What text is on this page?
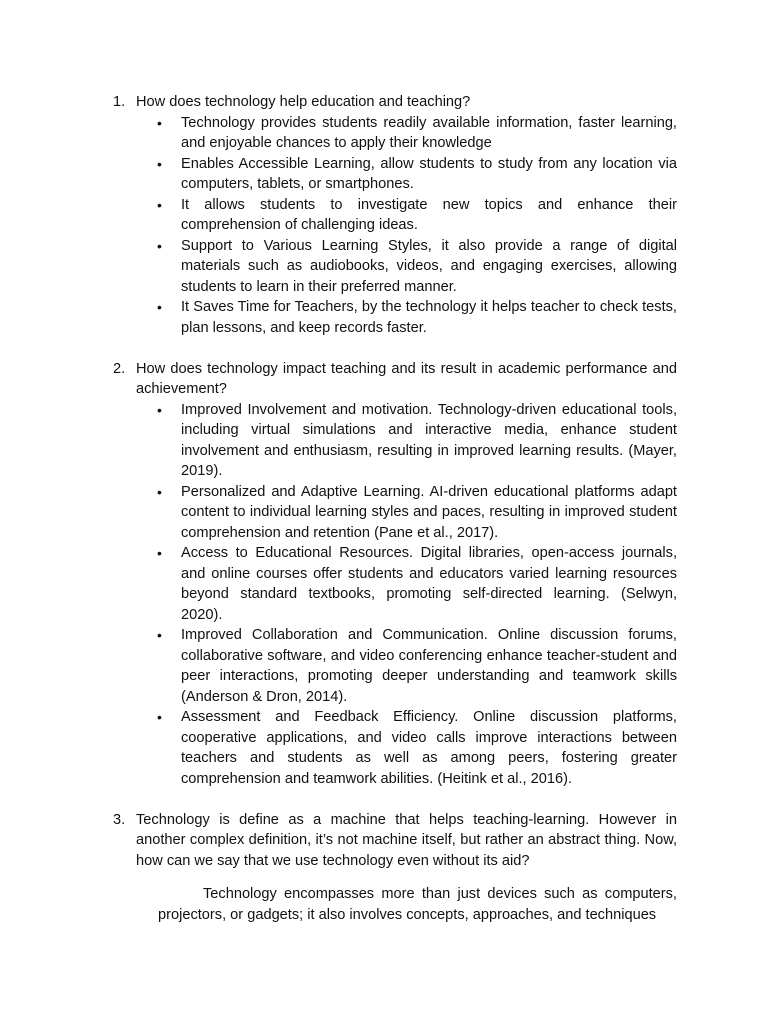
1. How does technology help education and teaching?
• Technology provides students readily available information, faster learning, and enjoyable chances to apply their knowledge
• Enables Accessible Learning, allow students to study from any location via computers, tablets, or smartphones.
• It allows students to investigate new topics and enhance their comprehension of challenging ideas.
• Support to Various Learning Styles, it also provide a range of digital materials such as audiobooks, videos, and engaging exercises, allowing students to learn in their preferred manner.
• It Saves Time for Teachers, by the technology it helps teacher to check tests, plan lessons, and keep records faster.
2. How does technology impact teaching and its result in academic performance and achievement?
• Improved Involvement and motivation. Technology-driven educational tools, including virtual simulations and interactive media, enhance student involvement and enthusiasm, resulting in improved learning results. (Mayer, 2019).
• Personalized and Adaptive Learning. AI-driven educational platforms adapt content to individual learning styles and paces, resulting in improved student comprehension and retention (Pane et al., 2017).
• Access to Educational Resources. Digital libraries, open-access journals, and online courses offer students and educators varied learning resources beyond standard textbooks, promoting self-directed learning. (Selwyn, 2020).
• Improved Collaboration and Communication. Online discussion forums, collaborative software, and video conferencing enhance teacher-student and peer interactions, promoting deeper understanding and teamwork skills (Anderson & Dron, 2014).
• Assessment and Feedback Efficiency. Online discussion platforms, cooperative applications, and video calls improve interactions between teachers and students as well as among peers, fostering greater comprehension and teamwork abilities. (Heitink et al., 2016).
3. Technology is define as a machine that helps teaching-learning. However in another complex definition, it’s not machine itself, but rather an abstract thing. Now, how can we say that we use technology even without its aid?

Technology encompasses more than just devices such as computers, projectors, or gadgets; it also involves concepts, approaches, and techniques
